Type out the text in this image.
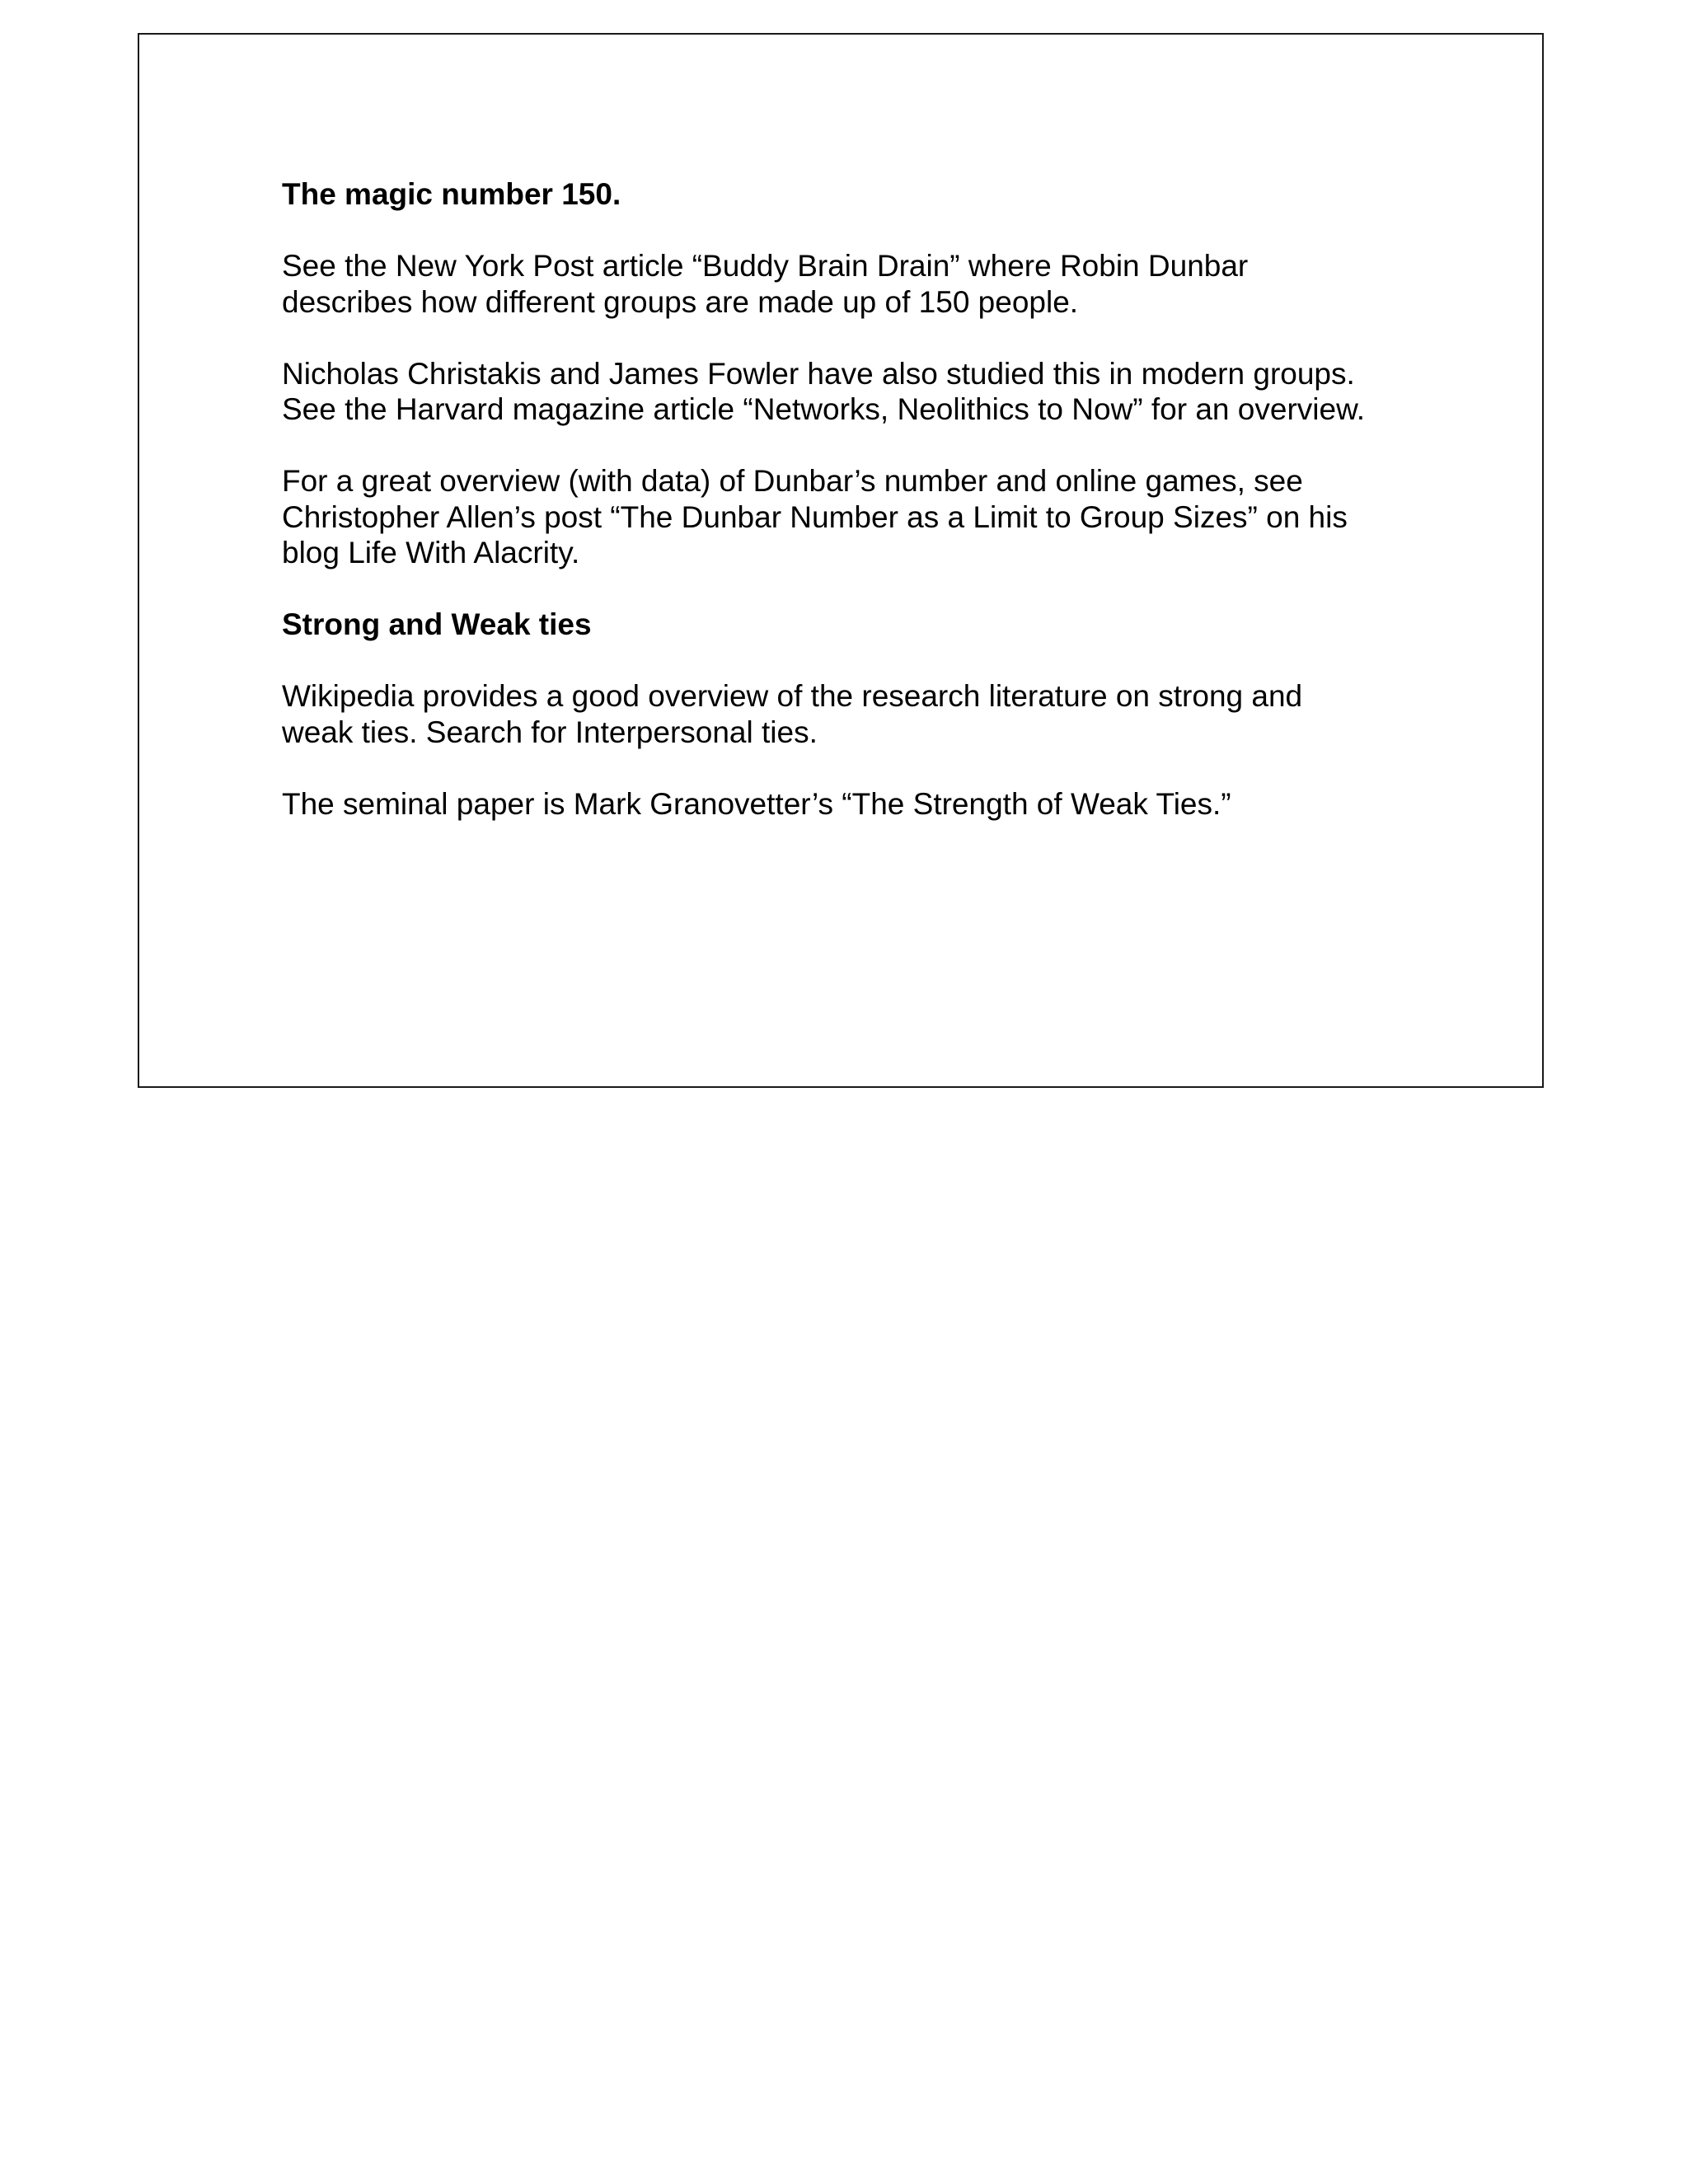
The magic number 150.

See the New York Post article “Buddy Brain Drain” where Robin Dunbar

describes how different groups are made up of 150 people.

Nicholas Christakis and James Fowler have also studied this in modern groups.

See the Harvard magazine article “Networks, Neolithics to Now” for an overview.

For a great overview (with data) of Dunbar’s number and online games, see

Christopher Allen’s post “The Dunbar Number as a Limit to Group Sizes” on his

blog Life With Alacrity.

Strong and Weak ties

Wikipedia provides a good overview of the research literature on strong and

weak ties. Search for Interpersonal ties.

The seminal paper is Mark Granovetter’s “The Strength of Weak Ties.”
